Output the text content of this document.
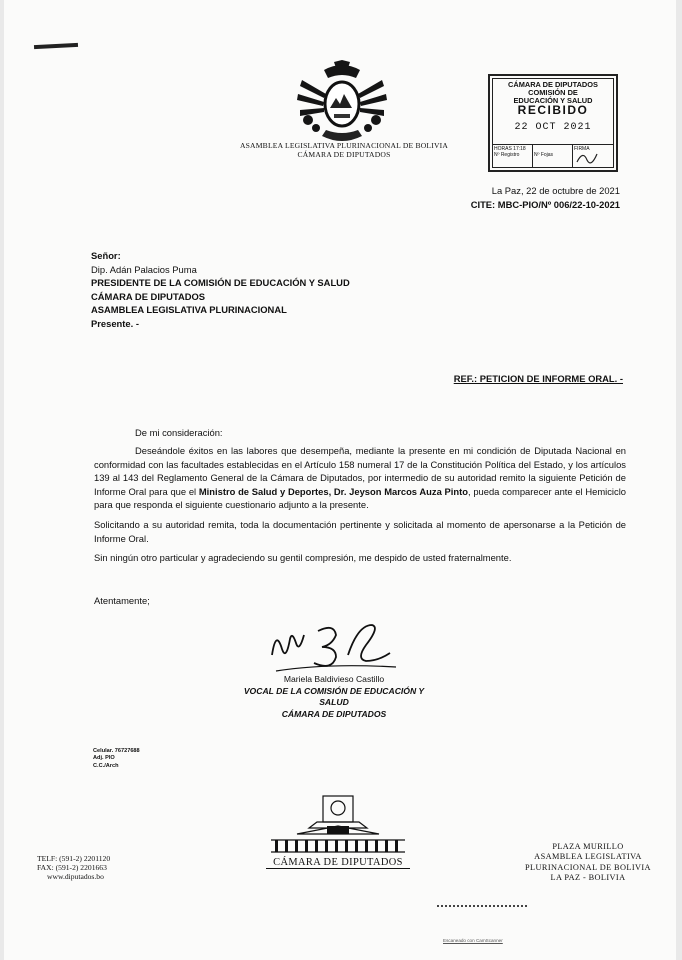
ASAMBLEA LEGISLATIVA PLURINACIONAL DE BOLIVIA
CÁMARA DE DIPUTADOS
CÁMARA DE DIPUTADOS
COMISIÓN DE
EDUCACIÓN Y SALUD
RECIBIDO
22 OCT 2021
HORAS 17:18
Nº Registro	Nº Fojas
FIRMA
La Paz, 22 de octubre de 2021
CITE: MBC-PIO/Nº 006/22-10-2021
Señor:
Dip. Adán Palacios Puma
PRESIDENTE DE LA COMISIÓN DE EDUCACIÓN Y SALUD
CÁMARA DE DIPUTADOS
ASAMBLEA LEGISLATIVA PLURINACIONAL
Presente. -
REF.: PETICION DE INFORME ORAL. -
De mi consideración:

Deseándole éxitos en las labores que desempeña, mediante la presente en mi condición de Diputada Nacional en conformidad con las facultades establecidas en el Artículo 158 numeral 17 de la Constitución Política del Estado, y los artículos 139 al 143 del Reglamento General de la Cámara de Diputados, por intermedio de su autoridad remito la siguiente Petición de Informe Oral para que el Ministro de Salud y Deportes, Dr. Jeyson Marcos Auza Pinto, pueda comparecer ante el Hemiciclo para que responda el siguiente cuestionario adjunto a la presente.

Solicitando a su autoridad remita, toda la documentación pertinente y solicitada al momento de apersonarse a la Petición de Informe Oral.

Sin ningún otro particular y agradeciendo su gentil compresión, me despido de usted fraternalmente.

Atentamente;
Mariela Baldivieso Castillo
VOCAL DE LA COMISIÓN DE EDUCACIÓN Y SALUD
CÁMARA DE DIPUTADOS
Celular. 76727688
Adj. PIO
C.C./Arch
CÁMARA DE DIPUTADOS
TELF: (591-2) 2201120
FAX: (591-2) 2201663
www.diputados.bo
PLAZA MURILLO
ASAMBLEA LEGISLATIVA
PLURINACIONAL DE BOLIVIA
LA PAZ - BOLIVIA
Escaneado con CamScanner
